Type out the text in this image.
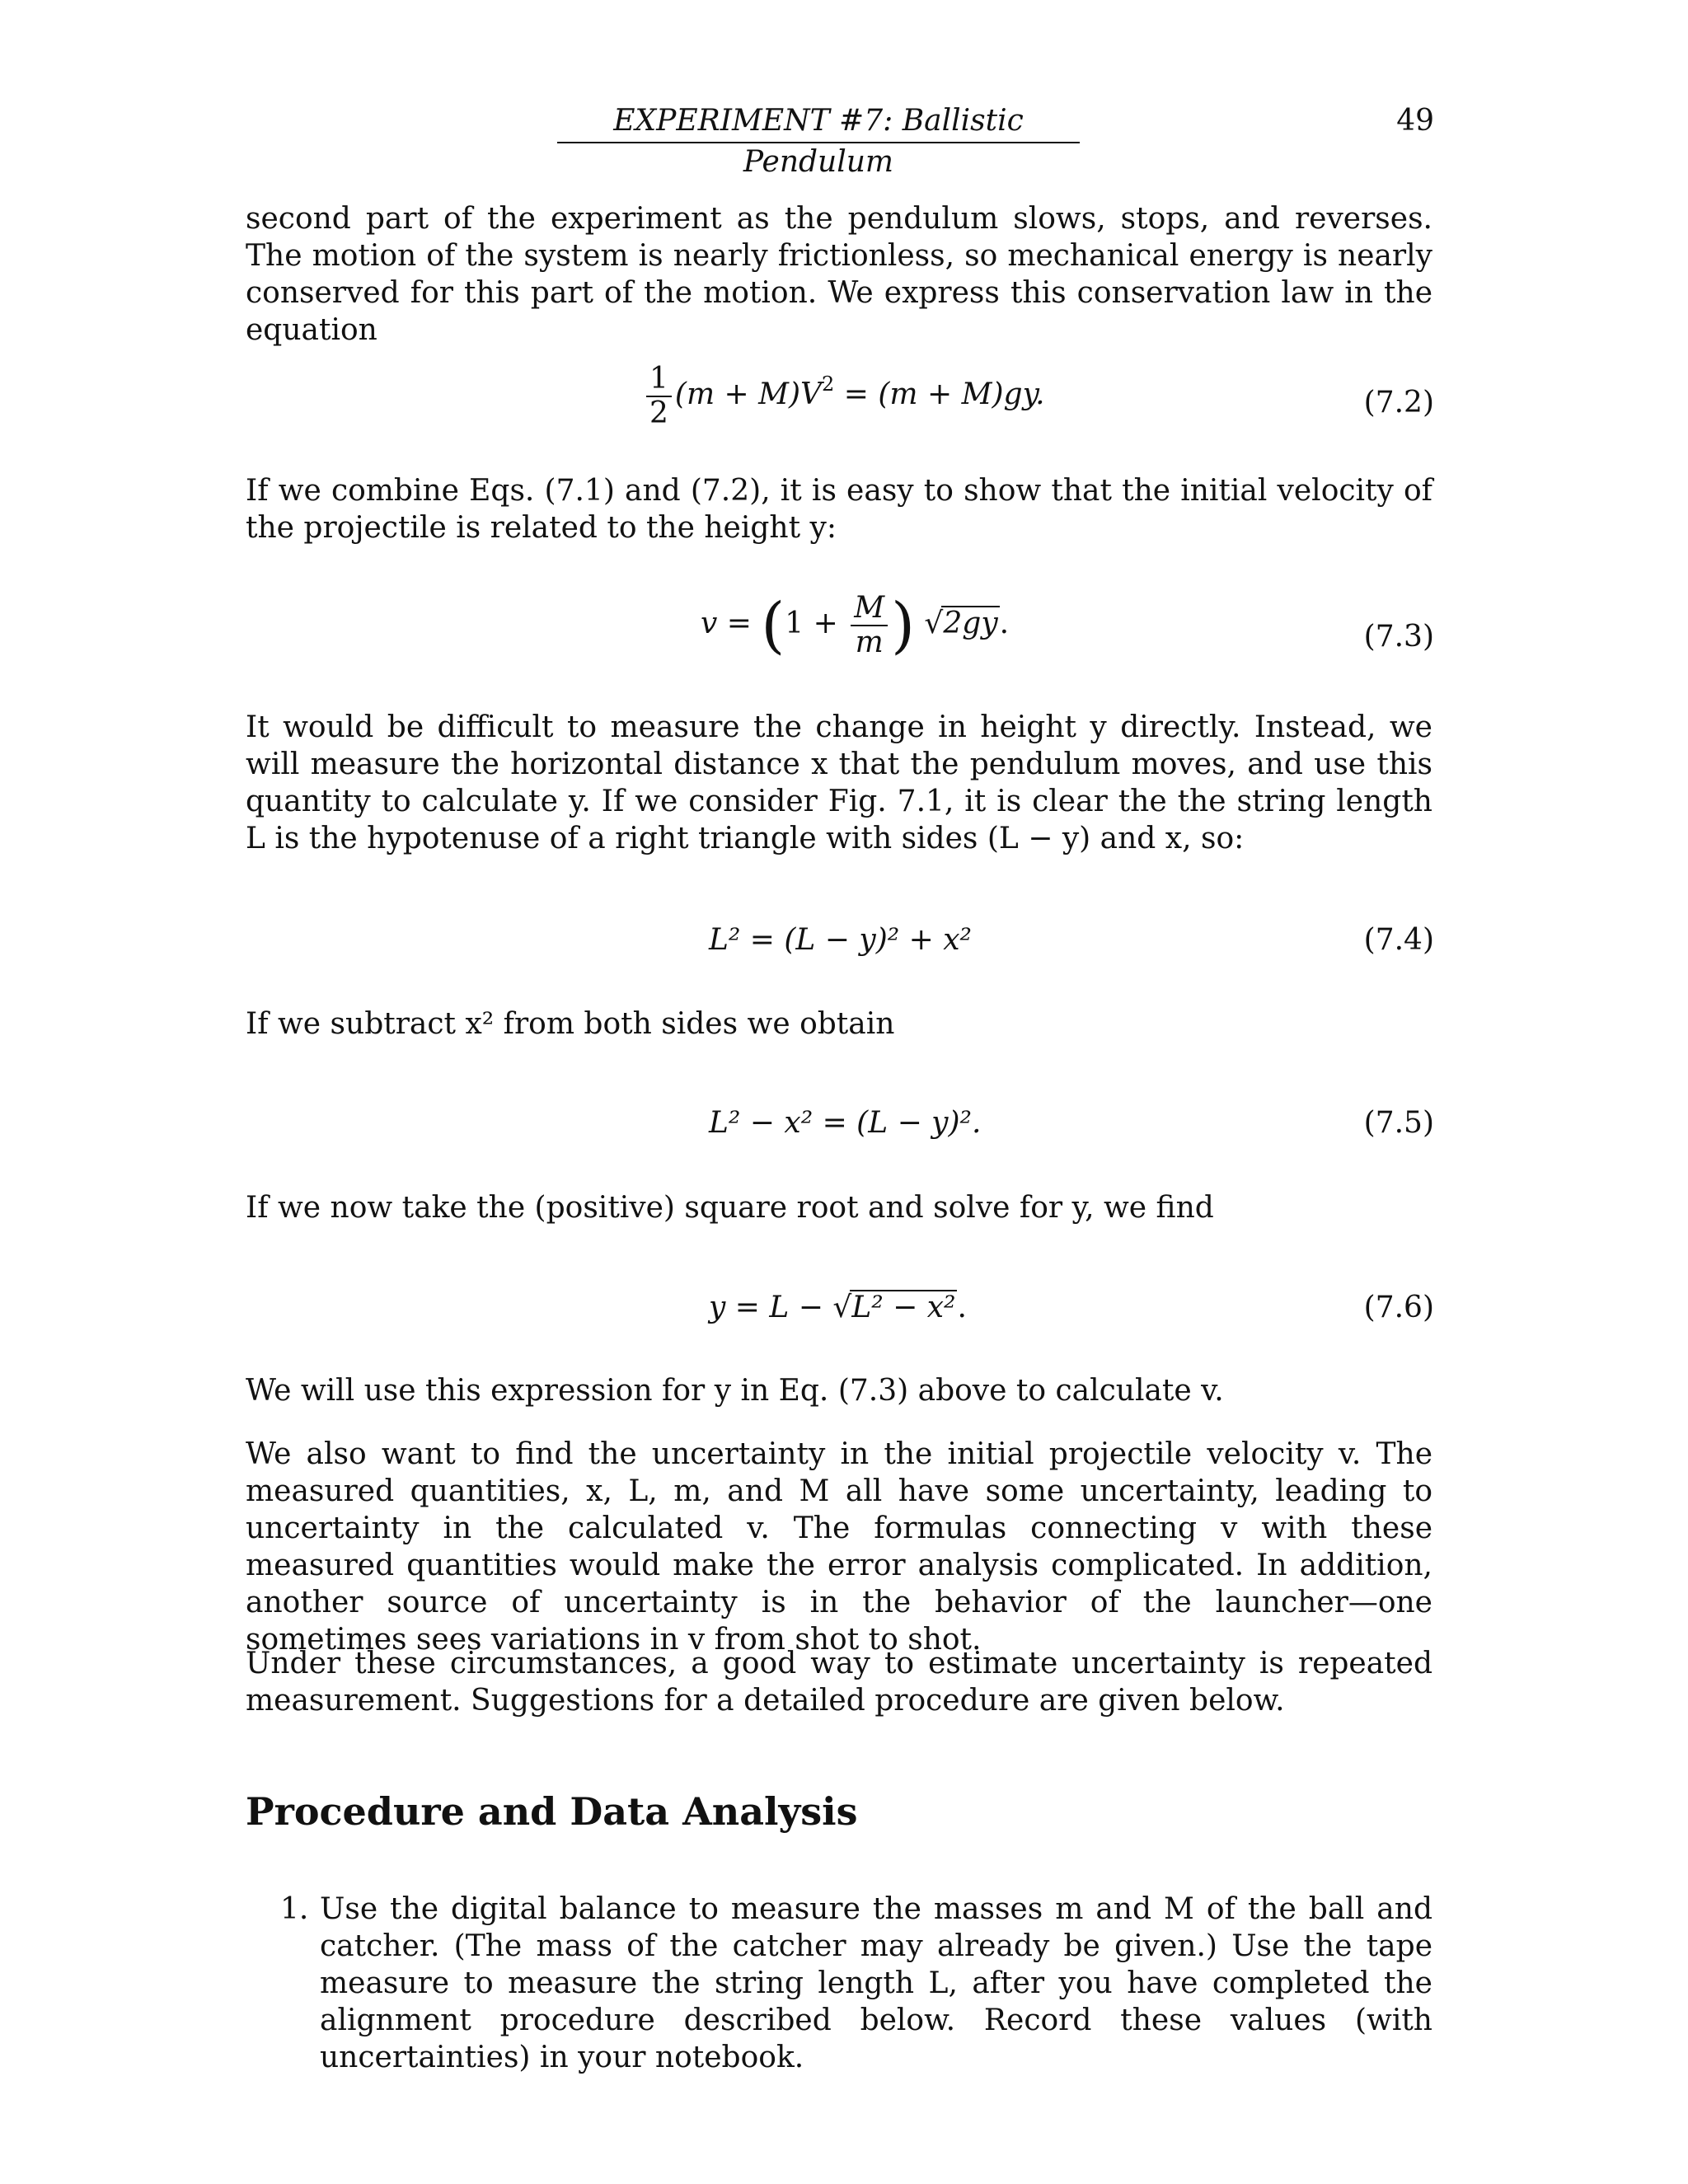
EXPERIMENT #7: Ballistic Pendulum
49

second part of the experiment as the pendulum slows, stops, and reverses. The motion of the system is nearly frictionless, so mechanical energy is nearly conserved for this part of the motion. We express this conservation law in the equation

$\frac{1}{2} (m + M)V^2 = (m + M)gy$.	(7.2)

If we combine Eqs. (7.1) and (7.2), it is easy to show that the initial velocity of the projectile is related to the height y:

$v = (1 + \frac{M}{m}$ ) √2gy.	(7.3)

It would be difficult to measure the change in height y directly. Instead, we will measure the horizontal distance x that the pendulum moves, and use this quantity to calculate y. If we consider Fig. 7.1, it is clear the the string length L is the hypotenuse of a right triangle with sides (L − y) and x, so:

L² = (L − y)² + x²	(7.4)

If we subtract x² from both sides we obtain

L² − x² = (L − y)².	(7.5)

If we now take the (positive) square root and solve for y, we find

y = L − √L² − x².	(7.6)

We will use this expression for y in Eq. (7.3) above to calculate v.

We also want to find the uncertainty in the initial projectile velocity v. The measured quantities, x, L, m, and M all have some uncertainty, leading to uncertainty in the calculated v. The formulas connecting v with these measured quantities would make the error analysis complicated. In addition, another source of uncertainty is in the behavior of the launcher—one sometimes sees variations in v from shot to shot.

Under these circumstances, a good way to estimate uncertainty is repeated measurement. Suggestions for a detailed procedure are given below.

Procedure and Data Analysis
1. Use the digital balance to measure the masses m and M of the ball and catcher. (The mass of the catcher may already be given.) Use the tape measure to measure the string length L, after you have completed the alignment procedure described below. Record these values (with uncertainties) in your notebook.
